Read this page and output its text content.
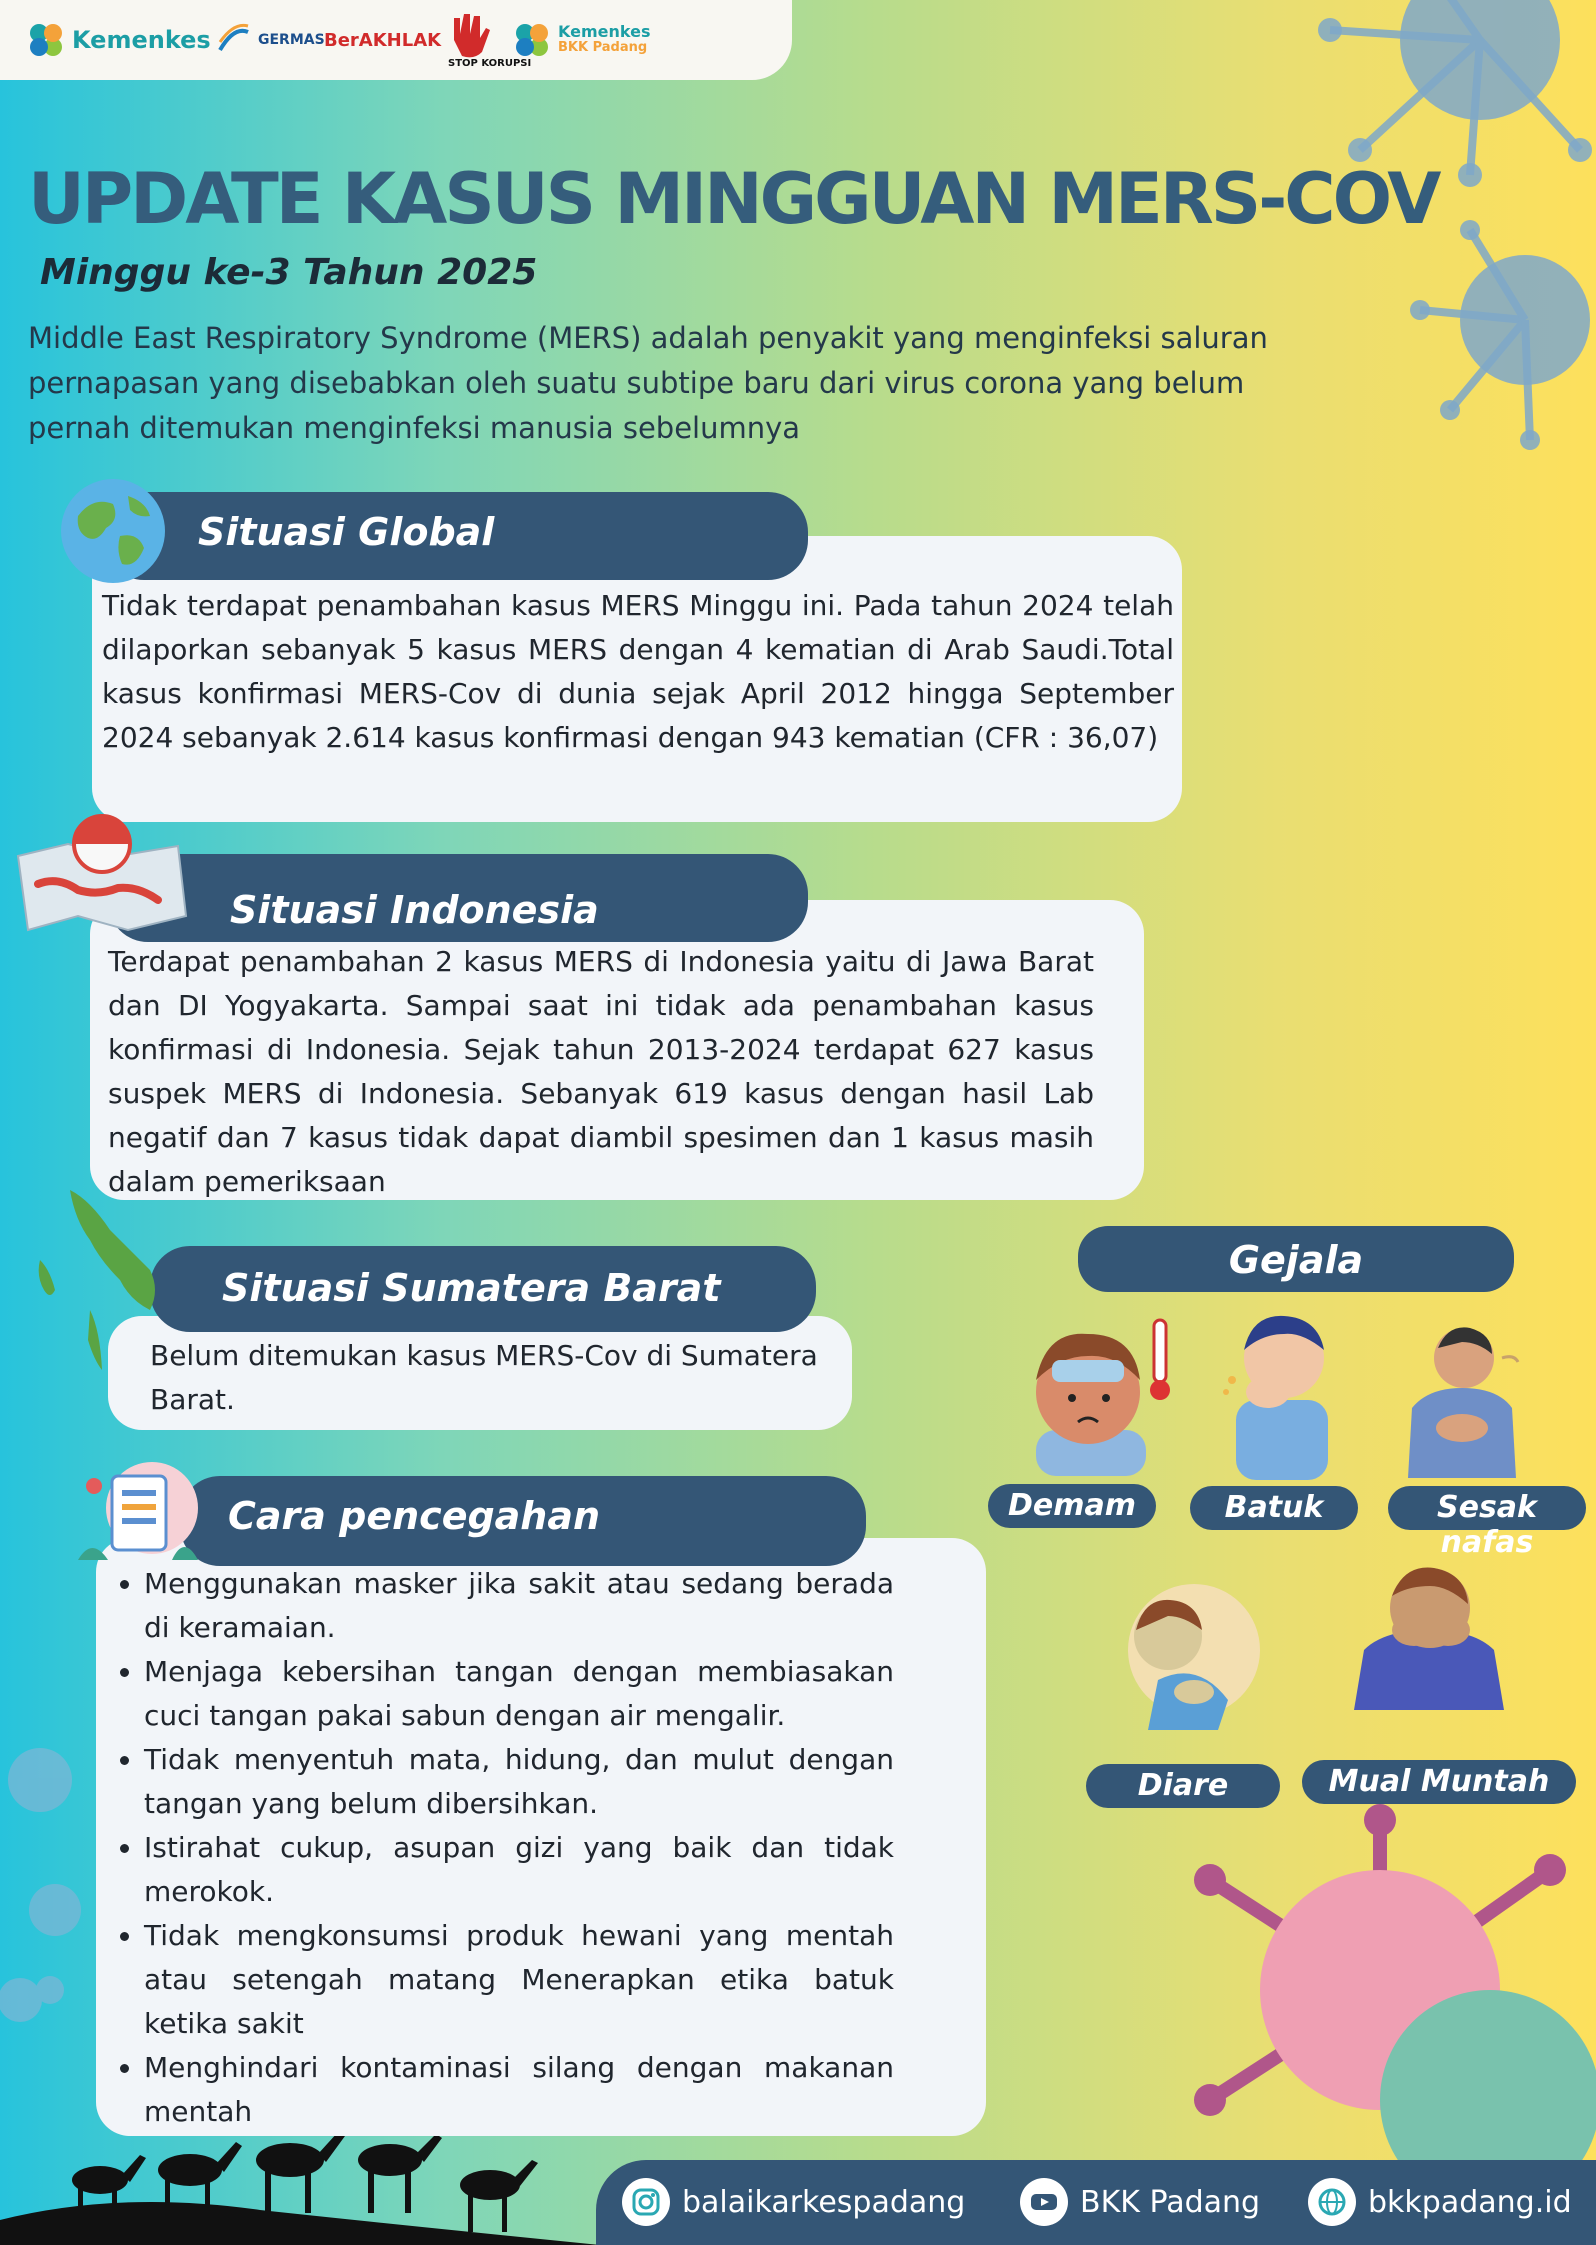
Kemenkes	GERMAS BerAKHLAK
STOP KORUPSI
Kemenkes
BKK Padang
UPDATE KASUS MINGGUAN MERS-COV
Minggu ke-3 Tahun 2025
Middle East Respiratory Syndrome (MERS) adalah penyakit yang menginfeksi saluran pernapasan yang disebabkan oleh suatu subtipe baru dari virus corona yang belum pernah ditemukan menginfeksi manusia sebelumnya
Tidak terdapat penambahan kasus MERS Minggu ini. Pada tahun 2024 telah dilaporkan sebanyak 5 kasus MERS dengan 4 kematian di Arab Saudi.Total kasus konfirmasi MERS-Cov di dunia sejak April 2012 hingga September 2024 sebanyak 2.614 kasus konfirmasi dengan 943 kematian (CFR : 36,07)
Situasi Global
Terdapat penambahan 2 kasus MERS di Indonesia yaitu di Jawa Barat dan DI Yogyakarta. Sampai saat ini tidak ada penambahan kasus konfirmasi di Indonesia. Sejak tahun 2013-2024 terdapat 627 kasus suspek MERS di Indonesia. Sebanyak 619 kasus dengan hasil Lab negatif dan 7 kasus tidak dapat diambil spesimen dan 1 kasus masih dalam pemeriksaan
Situasi Indonesia
Belum ditemukan kasus MERS-Cov di Sumatera Barat.
Situasi Sumatera Barat
• Menggunakan masker jika sakit atau sedang berada di keramaian.
• Menjaga kebersihan tangan dengan membiasakan cuci tangan pakai sabun dengan air mengalir.
• Tidak menyentuh mata, hidung, dan mulut dengan tangan yang belum dibersihkan.
• Istirahat cukup, asupan gizi yang baik dan tidak merokok.
• Tidak mengkonsumsi produk hewani yang mentah atau setengah matang Menerapkan etika batuk ketika sakit
• Menghindari kontaminasi silang dengan makanan mentah
Cara pencegahan
Gejala
Demam	Batuk	Sesak nafas
Diare	Mual Muntah
balaikarkespadang	BKK Padang	bkkpadang.id
